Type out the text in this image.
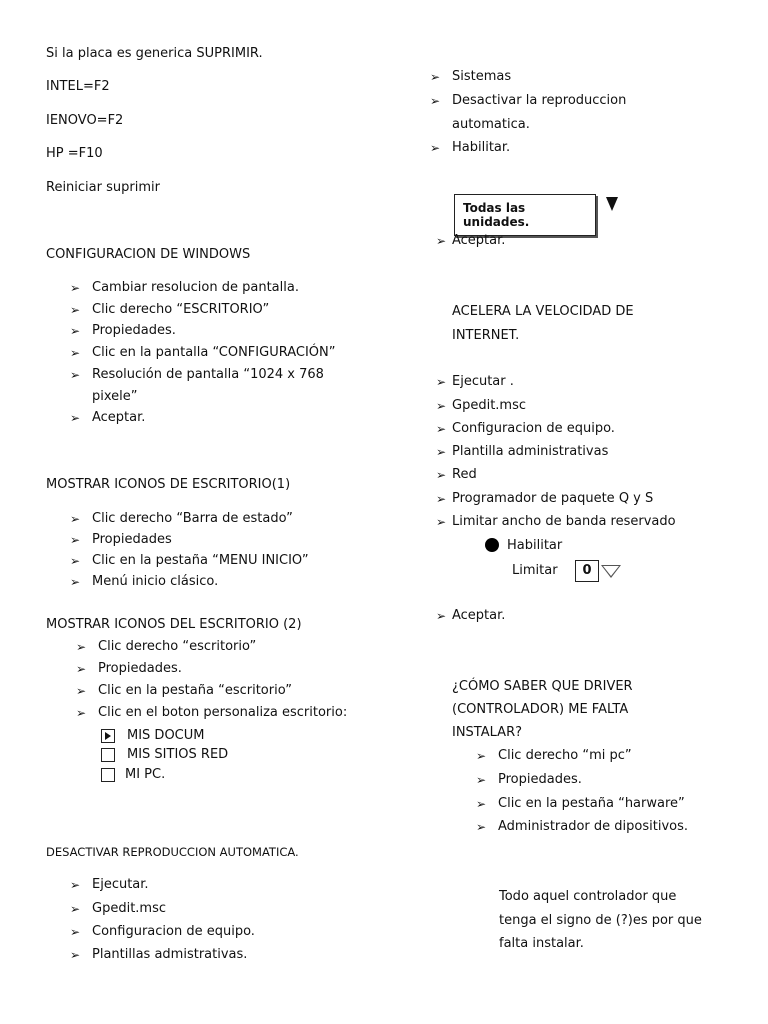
Si la placa es generica SUPRIMIR.
INTEL=F2
IENOVO=F2
HP =F10
Reiniciar suprimir
CONFIGURACION DE WINDOWS
➢ Cambiar resolucion de pantalla.
➢ Clic derecho “ESCRITORIO”
➢ Propiedades.
➢ Clic en la pantalla “CONFIGURACIÓN”
➢ Resolución de pantalla “1024 x 768
pixele”
➢ Aceptar.
MOSTRAR ICONOS DE ESCRITORIO(1)
➢ Clic derecho “Barra de estado”
➢ Propiedades
➢ Clic en la pestaña “MENU INICIO”
➢ Menú inicio clásico.
MOSTRAR ICONOS DEL ESCRITORIO (2)
➢ Clic derecho “escritorio”
➢ Propiedades.
➢ Clic en la pestaña “escritorio”
➢ Clic en el boton personaliza escritorio:
MIS DOCUM
MIS SITIOS RED
MI PC.
DESACTIVAR REPRODUCCION AUTOMATICA.
➢ Ejecutar.
➢ Gpedit.msc
➢ Configuracion de equipo.
➢ Plantillas admistrativas.
➢ Sistemas
➢ Desactivar la reproduccion
automatica.
➢ Habilitar.
Todas las unidades.
➢ Aceptar.
ACELERA LA VELOCIDAD DE
INTERNET.
➢ Ejecutar .
➢ Gpedit.msc
➢ Configuracion de equipo.
➢ Plantilla administrativas
➢ Red
➢ Programador de paquete Q y S
➢ Limitar ancho de banda reservado
Habilitar
Limitar	0
➢ Aceptar.
¿CÓMO SABER QUE DRIVER
(CONTROLADOR) ME FALTA
INSTALAR?
➢ Clic derecho “mi pc”
➢ Propiedades.
➢ Clic en la pestaña “harware”
➢ Administrador de dipositivos.
Todo aquel controlador que
tenga el signo de (?)es por que
falta instalar.
